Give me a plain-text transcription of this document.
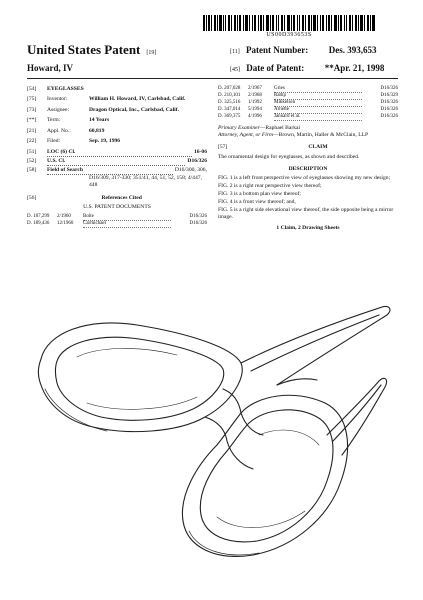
US00D393653S
United States Patent [19]
Howard, IV
[11] Patent Number: Des. 393,653
[45] Date of Patent: **Apr. 21, 1998
[54]	EYEGLASSES
[75]	Inventor:	William H. Howard, IV, Carlsbad, Calif.
[73]	Assignee:	Dragon Optical, Inc., Carlsbad, Calif.
[**]	Term:	14 Years
[21]	Appl. No.:	60,819
[22]	Filed:	Sep. 19, 1996
[51]	LOC (6) Cl.	16-06
[52]	U.S. Cl.	D16/326
[58]	Field of Search	D16/300, 306,
D16/309, 317-330; 351/41, 44, 51, 52, 158; 4/447, 448
[56]	References Cited
U.S. PATENT DOCUMENTS
D. 187,299	2/1960	Bolte	D16/326
D. 189,436	12/1960	Carmichael	D16/326
D. 207,028	2/1967	Gries	D16/326
D. 210,101	2/1968	Ramp	D16/329
D. 325,516	1/1992	Mikkelsen	D16/326
D. 347,014	5/1994	Arnette	D16/326
D. 369,375	4/1996	Jannard et al.	D16/326
Primary Examiner—Raphael Barkai
Attorney, Agent, or Firm—Brown, Martin, Haller & McClain, LLP
[57]	CLAIM
The ornamental design for eyeglasses, as shown and described.
DESCRIPTION
FIG. 1 is a left front perspective view of eyeglasses showing my new design;
FIG. 2 is a right rear perspective view thereof;
FIG. 3 is a bottom plan view thereof;
FIG. 4 is a front view thereof; and,
FIG. 5 is a right side elevational view thereof, the side opposite being a mirror image.
1 Claim, 2 Drawing Sheets
